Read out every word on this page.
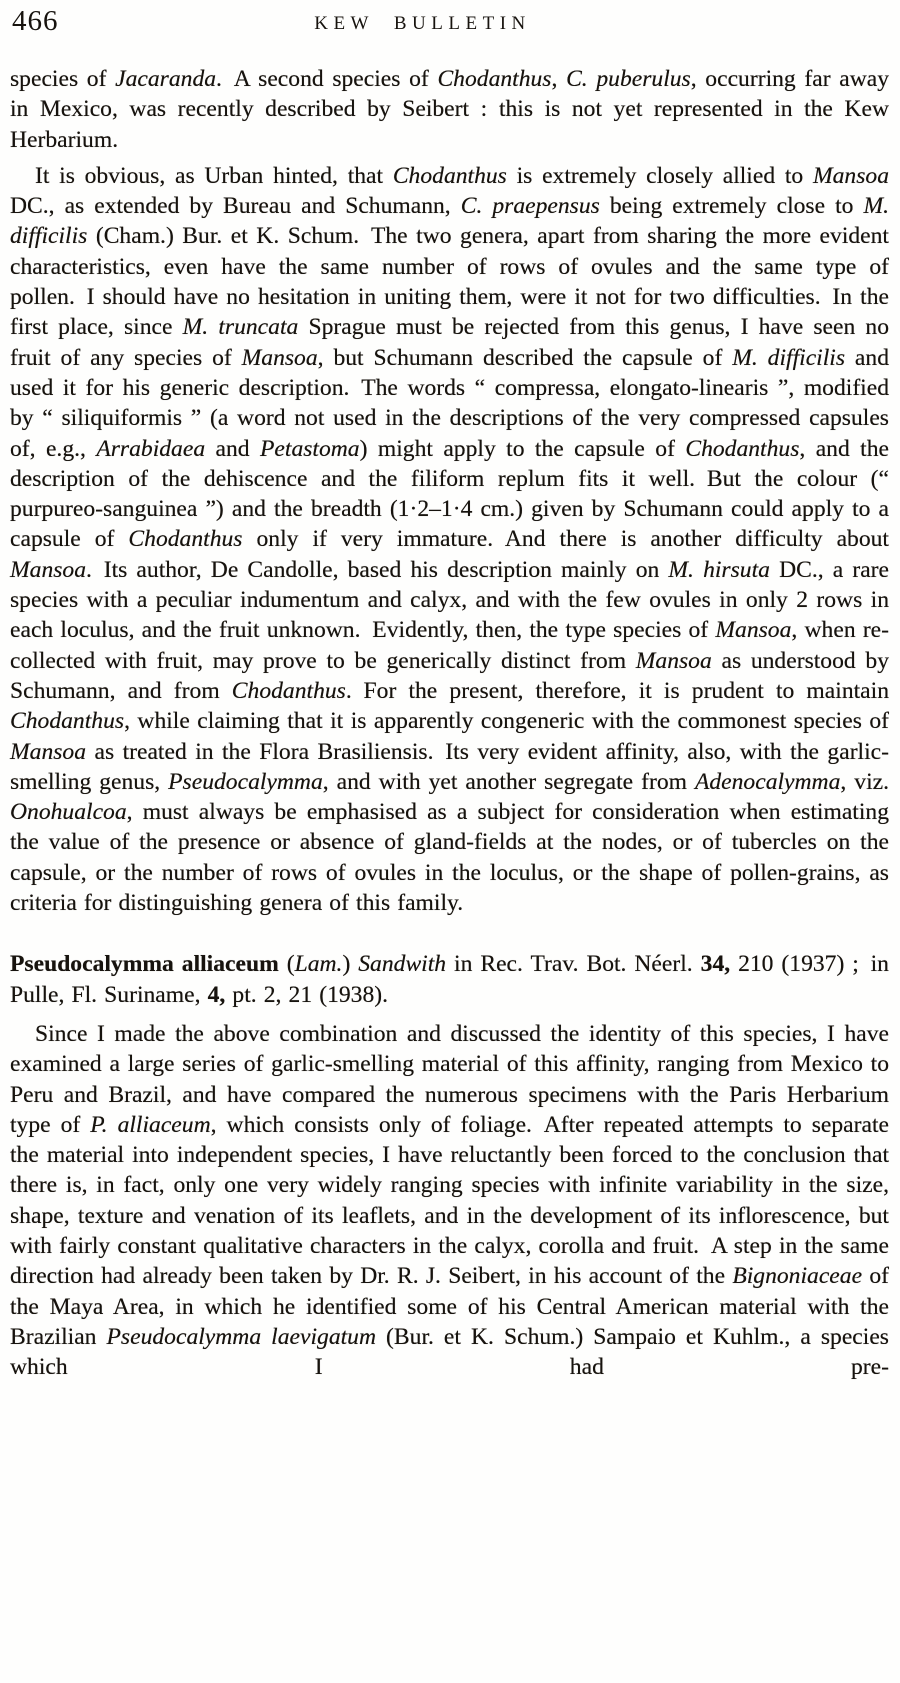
466	KEW BULLETIN

species of Jacaranda. A second species of Chodanthus, C. puberulus, occurring far away in Mexico, was recently described by Seibert : this is not yet represented in the Kew Herbarium.

It is obvious, as Urban hinted, that Chodanthus is extremely closely allied to Mansoa DC., as extended by Bureau and Schumann, C. praepensus being extremely close to M. difficilis (Cham.) Bur. et K. Schum. The two genera, apart from sharing the more evident characteristics, even have the same number of rows of ovules and the same type of pollen. I should have no hesitation in uniting them, were it not for two difficulties. In the first place, since M. truncata Sprague must be rejected from this genus, I have seen no fruit of any species of Mansoa, but Schumann described the capsule of M. difficilis and used it for his generic description. The words “ compressa, elongato-linearis ”, modified by “ siliquiformis ” (a word not used in the descriptions of the very compressed capsules of, e.g., Arrabidaea and Petastoma) might apply to the capsule of Chodanthus, and the description of the dehiscence and the filiform replum fits it well. But the colour (“ purpureo-sanguinea ”) and the breadth (1·2–1·4 cm.) given by Schumann could apply to a capsule of Chodanthus only if very immature. And there is another difficulty about Mansoa. Its author, De Candolle, based his description mainly on M. hirsuta DC., a rare species with a peculiar indumentum and calyx, and with the few ovules in only 2 rows in each loculus, and the fruit unknown. Evidently, then, the type species of Mansoa, when re-collected with fruit, may prove to be generically distinct from Mansoa as understood by Schumann, and from Chodanthus. For the present, therefore, it is prudent to maintain Chodanthus, while claiming that it is apparently congeneric with the commonest species of Mansoa as treated in the Flora Brasiliensis. Its very evident affinity, also, with the garlic-smelling genus, Pseudocalymma, and with yet another segregate from Adenocalymma, viz. Onohualcoa, must always be emphasised as a subject for consideration when estimating the value of the presence or absence of gland-fields at the nodes, or of tubercles on the capsule, or the number of rows of ovules in the loculus, or the shape of pollen-grains, as criteria for distinguishing genera of this family.

Pseudocalymma alliaceum (Lam.) Sandwith in Rec. Trav. Bot. Néerl. 34, 210 (1937) ; in Pulle, Fl. Suriname, 4, pt. 2, 21 (1938).

Since I made the above combination and discussed the identity of this species, I have examined a large series of garlic-smelling material of this affinity, ranging from Mexico to Peru and Brazil, and have compared the numerous specimens with the Paris Herbarium type of P. alliaceum, which consists only of foliage. After repeated attempts to separate the material into independent species, I have reluctantly been forced to the conclusion that there is, in fact, only one very widely ranging species with infinite variability in the size, shape, texture and venation of its leaflets, and in the development of its inflorescence, but with fairly constant qualitative characters in the calyx, corolla and fruit. A step in the same direction had already been taken by Dr. R. J. Seibert, in his account of the Bignoniaceae of the Maya Area, in which he identified some of his Central American material with the Brazilian Pseudocalymma laevigatum (Bur. et K. Schum.) Sampaio et Kuhlm., a species which I had pre-
